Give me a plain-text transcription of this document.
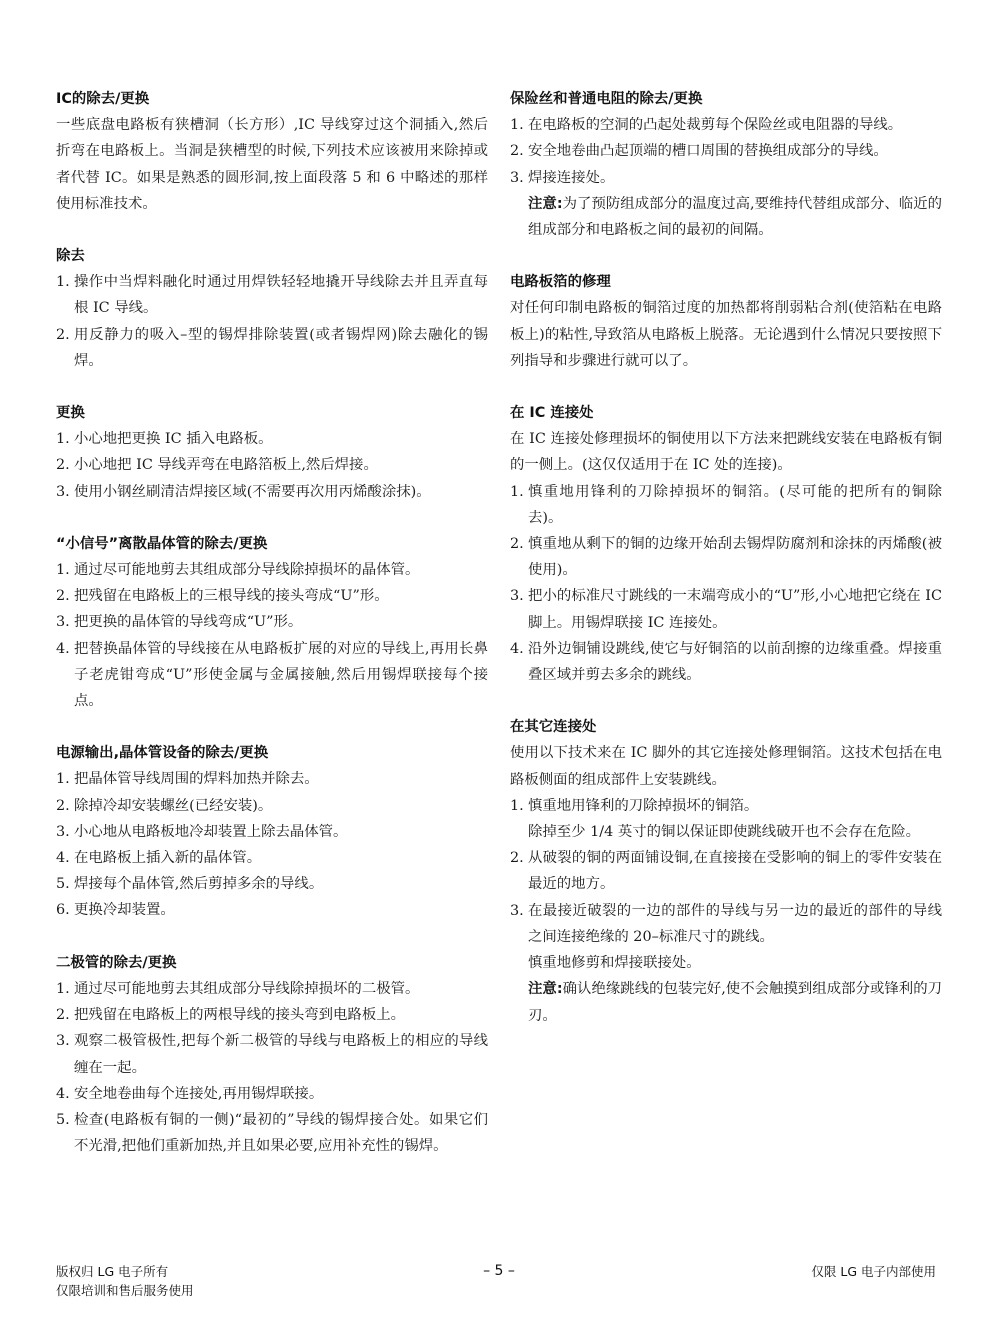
IC的除去/更换
一些底盘电路板有狭槽洞（长方形）,IC 导线穿过这个洞插入,然后折弯在电路板上。当洞是狭槽型的时候,下列技术应该被用来除掉或者代替 IC。如果是熟悉的圆形洞,按上面段落 5 和 6 中略述的那样使用标准技术。
除去
1. 操作中当焊料融化时通过用焊铁轻轻地撬开导线除去并且弄直每根 IC 导线。
2. 用反静力的吸入–型的锡焊排除装置(或者锡焊网)除去融化的锡焊。
更换
1. 小心地把更换 IC 插入电路板。
2. 小心地把 IC 导线弄弯在电路箔板上,然后焊接。
3. 使用小钢丝刷清洁焊接区域(不需要再次用丙烯酸涂抹)。
“小信号”离散晶体管的除去/更换
1. 通过尽可能地剪去其组成部分导线除掉损坏的晶体管。
2. 把残留在电路板上的三根导线的接头弯成“U”形。
3. 把更换的晶体管的导线弯成“U”形。
4. 把替换晶体管的导线接在从电路板扩展的对应的导线上,再用长鼻子老虎钳弯成“U”形使金属与金属接触,然后用锡焊联接每个接点。
电源输出,晶体管设备的除去/更换
1. 把晶体管导线周围的焊料加热并除去。
2. 除掉冷却安装螺丝(已经安装)。
3. 小心地从电路板地冷却装置上除去晶体管。
4. 在电路板上插入新的晶体管。
5. 焊接每个晶体管,然后剪掉多余的导线。
6. 更换冷却装置。
二极管的除去/更换
1. 通过尽可能地剪去其组成部分导线除掉损坏的二极管。
2. 把残留在电路板上的两根导线的接头弯到电路板上。
3. 观察二极管极性,把每个新二极管的导线与电路板上的相应的导线缠在一起。
4. 安全地卷曲每个连接处,再用锡焊联接。
5. 检查(电路板有铜的一侧)“最初的”导线的锡焊接合处。如果它们不光滑,把他们重新加热,并且如果必要,应用补充性的锡焊。
保险丝和普通电阻的除去/更换
1. 在电路板的空洞的凸起处裁剪每个保险丝或电阻器的导线。
2. 安全地卷曲凸起顶端的槽口周围的替换组成部分的导线。
3. 焊接连接处。
注意:为了预防组成部分的温度过高,要维持代替组成部分、临近的组成部分和电路板之间的最初的间隔。
电路板箔的修理
对任何印制电路板的铜箔过度的加热都将削弱粘合剂(使箔粘在电路板上)的粘性,导致箔从电路板上脱落。无论遇到什么情况只要按照下列指导和步骤进行就可以了。
在 IC 连接处
在 IC 连接处修理损坏的铜使用以下方法来把跳线安装在电路板有铜的一侧上。(这仅仅适用于在 IC 处的连接)。
1. 慎重地用锋利的刀除掉损坏的铜箔。(尽可能的把所有的铜除去)。
2. 慎重地从剩下的铜的边缘开始刮去锡焊防腐剂和涂抹的丙烯酸(被使用)。
3. 把小的标准尺寸跳线的一末端弯成小的“U”形,小心地把它绕在 IC 脚上。用锡焊联接 IC 连接处。
4. 沿外边铜铺设跳线,使它与好铜箔的以前刮擦的边缘重叠。焊接重叠区域并剪去多余的跳线。
在其它连接处
使用以下技术来在 IC 脚外的其它连接处修理铜箔。这技术包括在电路板侧面的组成部件上安装跳线。
1. 慎重地用锋利的刀除掉损坏的铜箔。
除掉至少 1/4 英寸的铜以保证即使跳线破开也不会存在危险。
2. 从破裂的铜的两面铺设铜,在直接接在受影响的铜上的零件安装在最近的地方。
3. 在最接近破裂的一边的部件的导线与另一边的最近的部件的导线之间连接绝缘的 20–标准尺寸的跳线。
慎重地修剪和焊接联接处。
注意:确认绝缘跳线的包装完好,使不会触摸到组成部分或锋利的刀刃。
版权归 LG 电子所有
仅限培训和售后服务使用
– 5 –	仅限 LG 电子内部使用
